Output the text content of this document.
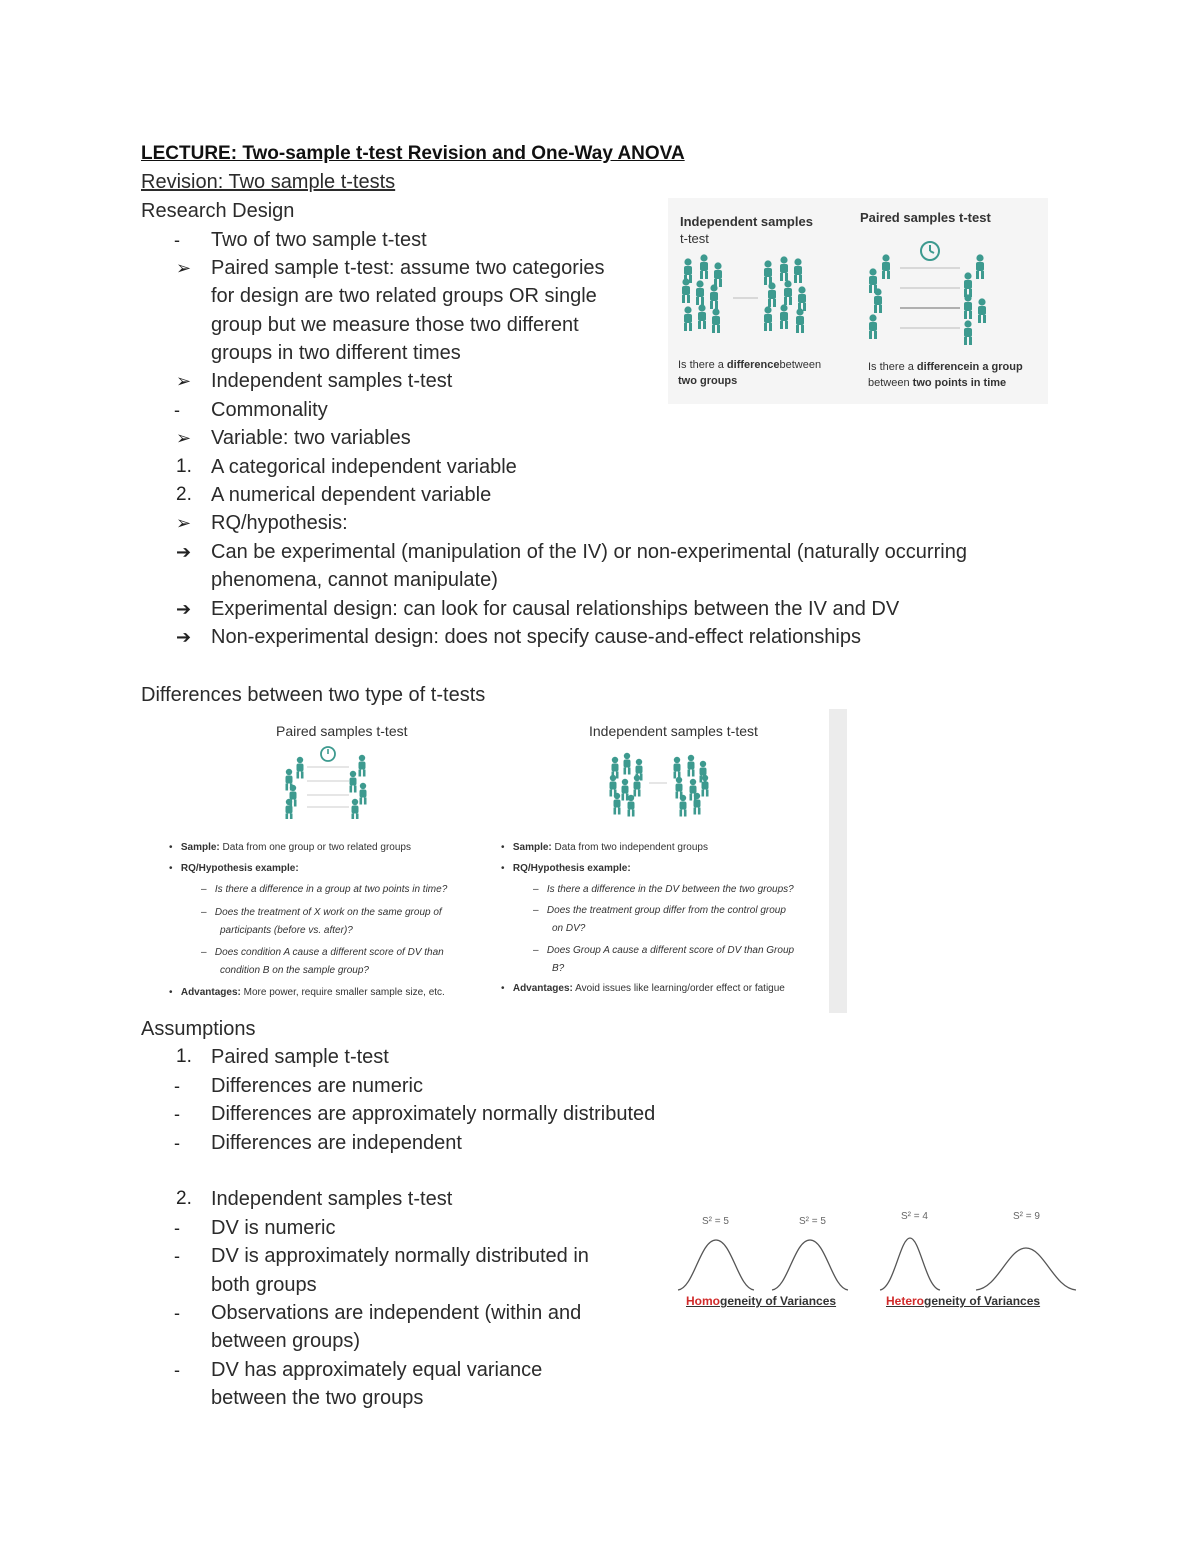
LECTURE: Two-sample t-test Revision and One-Way ANOVA
Revision: Two sample t-tests
Research Design
- Two of two sample t-test
➢ Paired sample t-test: assume two categories
for design are two related groups OR single
group but we measure those two different
groups in two different times
➢ Independent samples t-test
- Commonality
➢ Variable: two variables
1. A categorical independent variable
2. A numerical dependent variable
➢ RQ/hypothesis:
➔ Can be experimental (manipulation of the IV) or non-experimental (naturally occurring
phenomena, cannot manipulate)
➔ Experimental design: can look for causal relationships between the IV and DV
➔ Non-experimental design: does not specify cause-and-effect relationships
Independent samples
t-test
Paired samples t-test
Is there a differencebetween
two groups
Is there a differencein a group
between two points in time
Differences between two type of t-tests
Paired samples t-test	Independent samples t-test
•   Sample: Data from one group or two related groups
•   RQ/Hypothesis example:
–   Is there a difference in a group at two points in time?
–   Does the treatment of X work on the same group of
participants (before vs. after)?
–   Does condition A cause a different score of DV than
condition B on the sample group?
•   Advantages: More power, require smaller sample size, etc.
•   Sample: Data from two independent groups
•   RQ/Hypothesis example:
–   Is there a difference in the DV between the two groups?
–   Does the treatment group differ from the control group
on DV?
–   Does Group A cause a different score of DV than Group
B?
•   Advantages: Avoid issues like learning/order effect or fatigue
Assumptions
1. Paired sample t-test
- Differences are numeric
- Differences are approximately normally distributed
- Differences are independent
2. Independent samples t-test
- DV is numeric
- DV is approximately normally distributed in
both groups
- Observations are independent (within and
between groups)
- DV has approximately equal variance
between the two groups
S² = 5	S² = 5	S² = 4	S² = 9
Homogeneity of Variances	Heterogeneity of Variances
